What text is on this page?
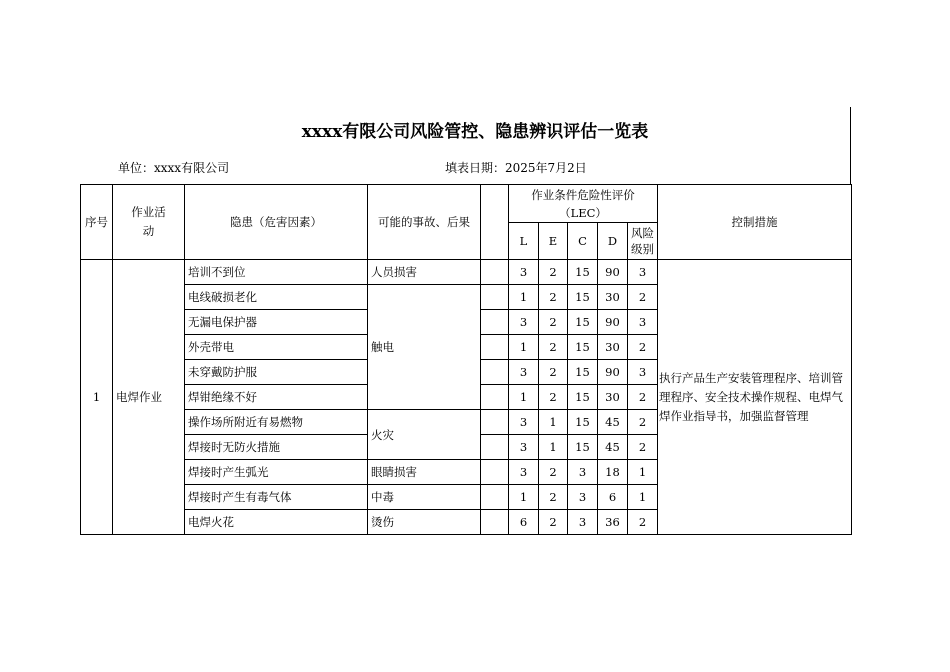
xxxx有限公司风险管控、隐患辨识评估一览表
单位：xxxx有限公司	填表日期：2025年7月2日
序号	作业活动	隐患（危害因素）	可能的事故、后果		作业条件危险性评价（LEC）					控制措施
					L	E	C	D	风险级别	
1	电焊作业	培训不到位	人员损害		3	2	15	90	3	执行产品生产安装管理程序、培训管理程序、安全技术操作规程、电焊气焊作业指导书，加强监督管理
		电线破损老化	触电		1	2	15	30	2	
		无漏电保护器			3	2	15	90	3	
		外壳带电			1	2	15	30	2	
		未穿戴防护服			3	2	15	90	3	
		焊钳绝缘不好			1	2	15	30	2	
		操作场所附近有易燃物	火灾		3	1	15	45	2	
		焊接时无防火措施			3	1	15	45	2	
		焊接时产生弧光	眼睛损害		3	2	3	18	1	
		焊接时产生有毒气体	中毒		1	2	3	6	1	
		电焊火花	烫伤		6	2	3	36	2	
